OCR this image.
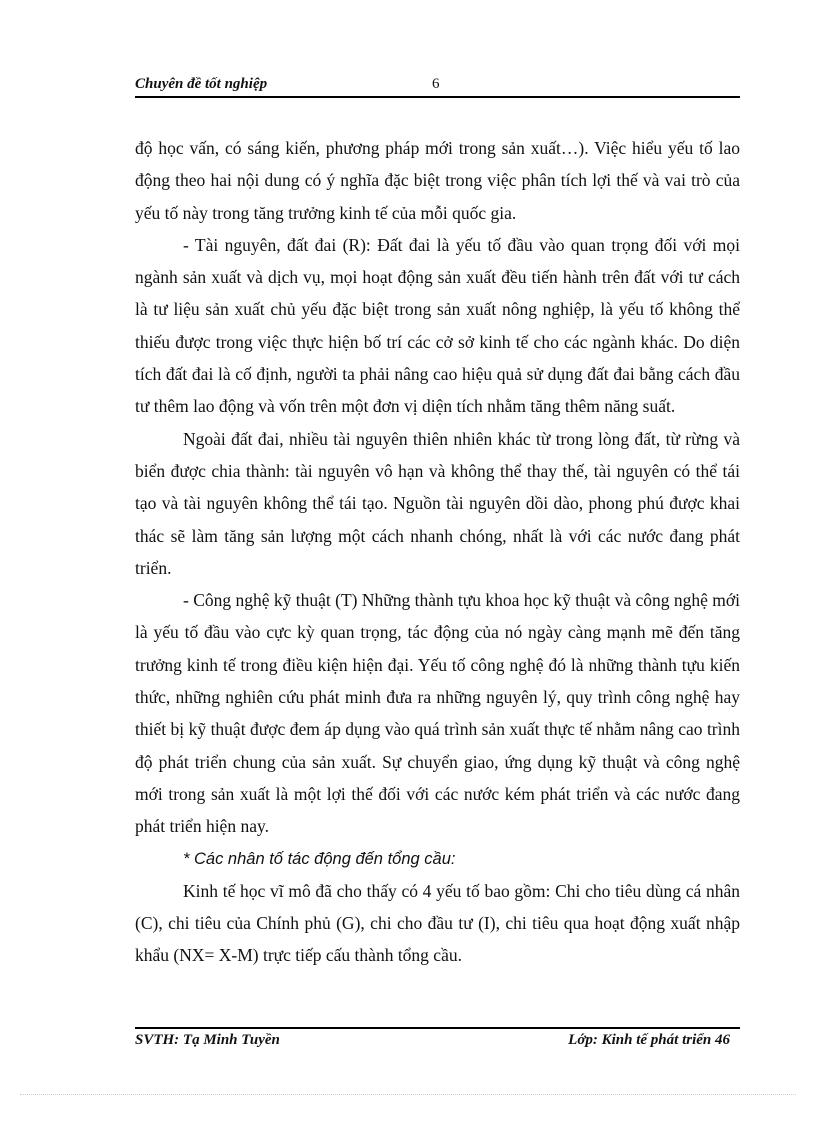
Chuyên đề tốt nghiệp	6

độ học vấn, có sáng kiến, phương pháp mới trong sản xuất…). Việc hiểu yếu tố lao động theo hai nội dung có ý nghĩa đặc biệt trong việc phân tích lợi thế và vai trò của yếu tố này trong tăng trưởng kinh tế của mỗi quốc gia.

- Tài nguyên, đất đai (R): Đất đai là yếu tố đầu vào quan trọng đối với mọi ngành sản xuất và dịch vụ, mọi hoạt động sản xuất đều tiến hành trên đất với tư cách là tư liệu sản xuất chủ yếu đặc biệt trong sản xuất nông nghiệp, là yếu tố không thể thiếu được trong việc thực hiện bố trí các cở sở kinh tế cho các ngành khác. Do diện tích đất đai là cố định, người ta phải nâng cao hiệu quả sử dụng đất đai bằng cách đầu tư thêm lao động và vốn trên một đơn vị diện tích nhằm tăng thêm năng suất.

Ngoài đất đai, nhiều tài nguyên thiên nhiên khác từ trong lòng đất, từ rừng và biển được chia thành: tài nguyên vô hạn và không thể thay thế, tài nguyên có thể tái tạo và tài nguyên không thể tái tạo. Nguồn tài nguyên dồi dào, phong phú được khai thác sẽ làm tăng sản lượng một cách nhanh chóng, nhất là với các nước đang phát triển.

- Công nghệ kỹ thuật (T) Những thành tựu khoa học kỹ thuật và công nghệ mới là yếu tố đầu vào cực kỳ quan trọng, tác động của nó ngày càng mạnh mẽ đến tăng trưởng kinh tế trong điều kiện hiện đại. Yếu tố công nghệ đó là những thành tựu kiến thức, những nghiên cứu phát minh đưa ra những nguyên lý, quy trình công nghệ hay thiết bị kỹ thuật được đem áp dụng vào quá trình sản xuất thực tế nhằm nâng cao trình độ phát triển chung của sản xuất. Sự chuyển giao, ứng dụng kỹ thuật và công nghệ mới trong sản xuất là một lợi thế đối với các nước kém phát triển và các nước đang phát triển hiện nay.

* Các nhân tố tác động đến tổng cầu:

Kinh tế học vĩ mô đã cho thấy có 4 yếu tố bao gồm: Chi cho tiêu dùng cá nhân (C), chi tiêu của Chính phủ (G), chi cho đầu tư (I), chi tiêu qua hoạt động xuất nhập khẩu (NX= X-M) trực tiếp cấu thành tổng cầu.

SVTH: Tạ Minh Tuyền	Lớp: Kinh tế phát triển 46
